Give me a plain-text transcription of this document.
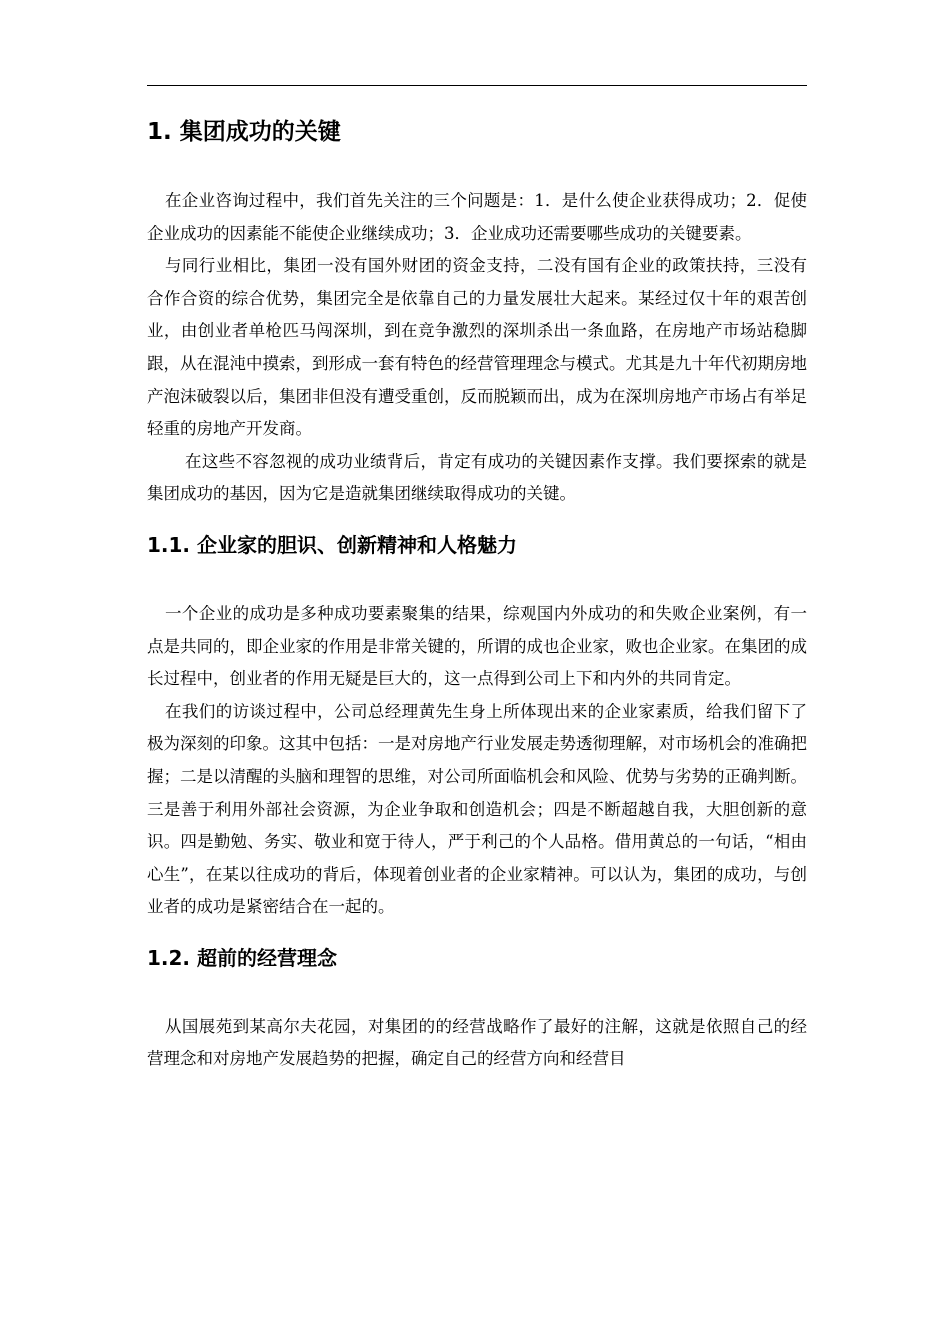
1. 集团成功的关键

在企业咨询过程中，我们首先关注的三个问题是：1．是什么使企业获得成功；2．促使企业成功的因素能不能使企业继续成功；3．企业成功还需要哪些成功的关键要素。

与同行业相比，集团一没有国外财团的资金支持，二没有国有企业的政策扶持，三没有合作合资的综合优势，集团完全是依靠自己的力量发展壮大起来。某经过仅十年的艰苦创业，由创业者单枪匹马闯深圳，到在竞争激烈的深圳杀出一条血路，在房地产市场站稳脚跟，从在混沌中摸索，到形成一套有特色的经营管理理念与模式。尤其是九十年代初期房地产泡沫破裂以后，集团非但没有遭受重创，反而脱颖而出，成为在深圳房地产市场占有举足轻重的房地产开发商。

在这些不容忽视的成功业绩背后，肯定有成功的关键因素作支撑。我们要探索的就是集团成功的基因，因为它是造就集团继续取得成功的关键。

1.1. 企业家的胆识、创新精神和人格魅力

一个企业的成功是多种成功要素聚集的结果，综观国内外成功的和失败企业案例，有一点是共同的，即企业家的作用是非常关键的，所谓的成也企业家，败也企业家。在集团的成长过程中，创业者的作用无疑是巨大的，这一点得到公司上下和内外的共同肯定。

在我们的访谈过程中，公司总经理黄先生身上所体现出来的企业家素质，给我们留下了极为深刻的印象。这其中包括：一是对房地产行业发展走势透彻理解，对市场机会的准确把握；二是以清醒的头脑和理智的思维，对公司所面临机会和风险、优势与劣势的正确判断。三是善于利用外部社会资源，为企业争取和创造机会；四是不断超越自我，大胆创新的意识。四是勤勉、务实、敬业和宽于待人，严于利己的个人品格。借用黄总的一句话，“相由心生”，在某以往成功的背后，体现着创业者的企业家精神。可以认为，集团的成功，与创业者的成功是紧密结合在一起的。

1.2. 超前的经营理念

从国展苑到某高尔夫花园，对集团的的经营战略作了最好的注解，这就是依照自己的经营理念和对房地产发展趋势的把握，确定自己的经营方向和经营目
